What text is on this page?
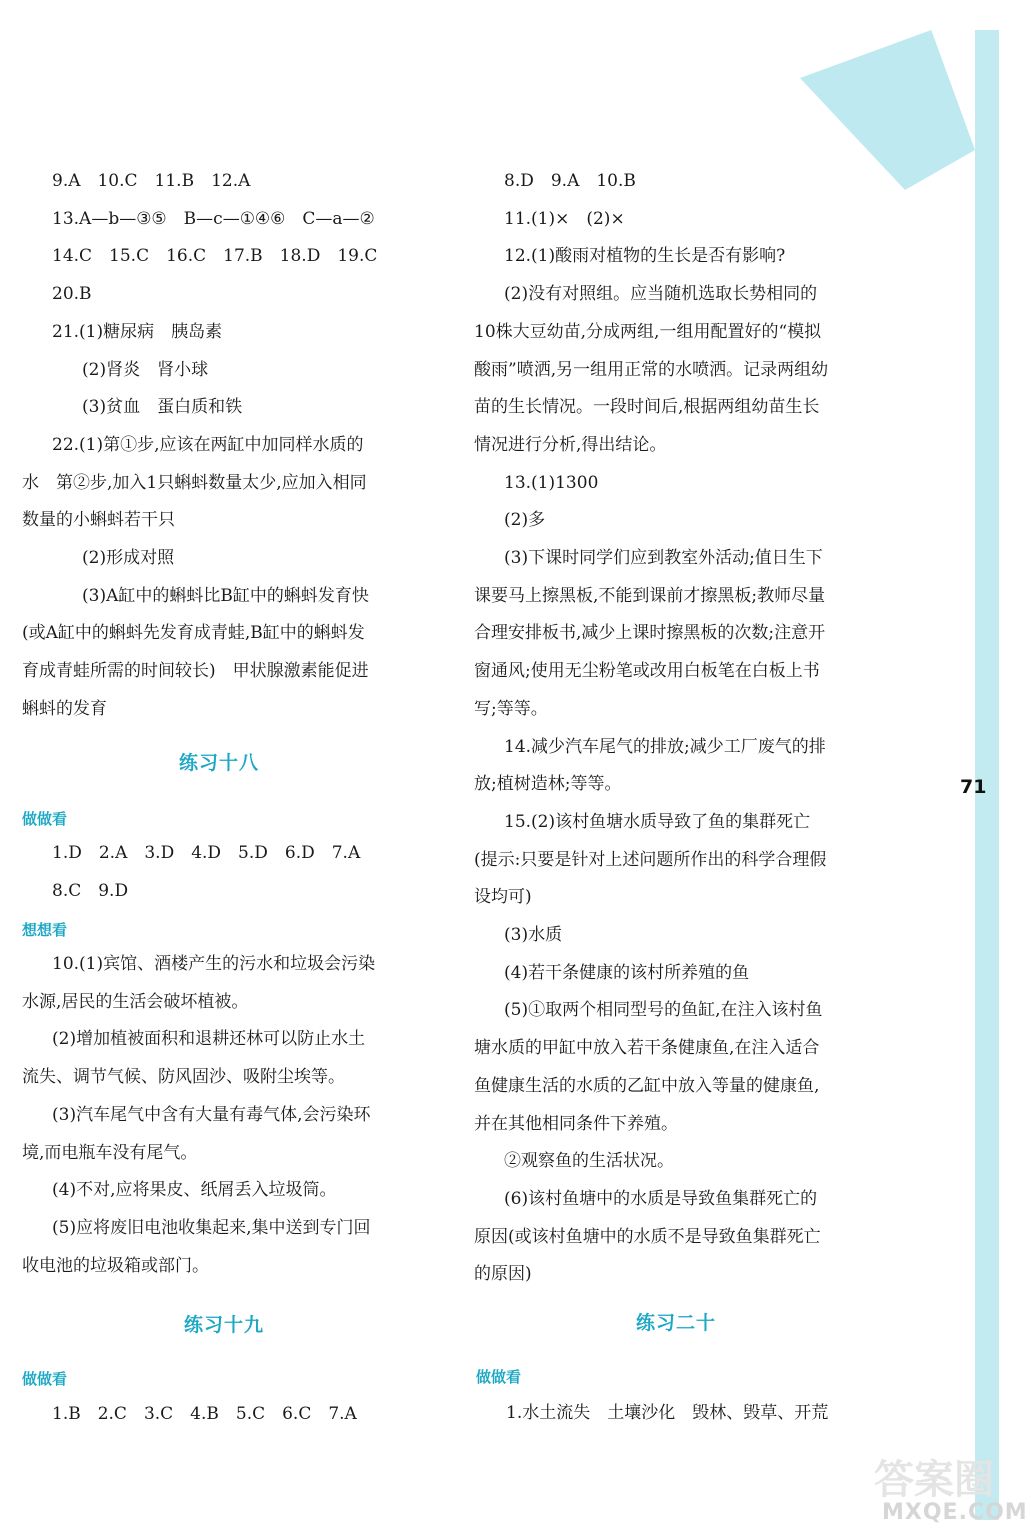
71
9.A　10.C　11.B　12.A
13.A—b—③⑤　B—c—①④⑥　C—a—②
14.C　15.C　16.C　17.B　18.D　19.C
20.B
21.(1)糖尿病　胰岛素
(2)肾炎　肾小球
(3)贫血　蛋白质和铁
22.(1)第①步,应该在两缸中加同样水质的
水　第②步,加入1只蝌蚪数量太少,应加入相同
数量的小蝌蚪若干只
(2)形成对照
(3)A缸中的蝌蚪比B缸中的蝌蚪发育快
(或A缸中的蝌蚪先发育成青蛙,B缸中的蝌蚪发
育成青蛙所需的时间较长)　甲状腺激素能促进
蝌蚪的发育
练习十八
做做看
1.D　2.A　3.D　4.D　5.D　6.D　7.A
8.C　9.D
想想看
10.(1)宾馆、酒楼产生的污水和垃圾会污染
水源,居民的生活会破坏植被。
(2)增加植被面积和退耕还林可以防止水土
流失、调节气候、防风固沙、吸附尘埃等。
(3)汽车尾气中含有大量有毒气体,会污染环
境,而电瓶车没有尾气。
(4)不对,应将果皮、纸屑丢入垃圾筒。
(5)应将废旧电池收集起来,集中送到专门回
收电池的垃圾箱或部门。
练习十九
做做看
1.B　2.C　3.C　4.B　5.C　6.C　7.A
8.D　9.A　10.B
11.(1)×　(2)×
12.(1)酸雨对植物的生长是否有影响?
(2)没有对照组。应当随机选取长势相同的
10株大豆幼苗,分成两组,一组用配置好的“模拟
酸雨”喷洒,另一组用正常的水喷洒。记录两组幼
苗的生长情况。一段时间后,根据两组幼苗生长
情况进行分析,得出结论。
13.(1)1300
(2)多
(3)下课时同学们应到教室外活动;值日生下
课要马上擦黑板,不能到课前才擦黑板;教师尽量
合理安排板书,减少上课时擦黑板的次数;注意开
窗通风;使用无尘粉笔或改用白板笔在白板上书
写;等等。
14.减少汽车尾气的排放;减少工厂废气的排
放;植树造林;等等。
15.(2)该村鱼塘水质导致了鱼的集群死亡
(提示:只要是针对上述问题所作出的科学合理假
设均可)
(3)水质
(4)若干条健康的该村所养殖的鱼
(5)①取两个相同型号的鱼缸,在注入该村鱼
塘水质的甲缸中放入若干条健康鱼,在注入适合
鱼健康生活的水质的乙缸中放入等量的健康鱼,
并在其他相同条件下养殖。
②观察鱼的生活状况。
(6)该村鱼塘中的水质是导致鱼集群死亡的
原因(或该村鱼塘中的水质不是导致鱼集群死亡
的原因)
练习二十
做做看
1.水土流失　土壤沙化　毁林、毁草、开荒
答案圈
MXQE.COM
